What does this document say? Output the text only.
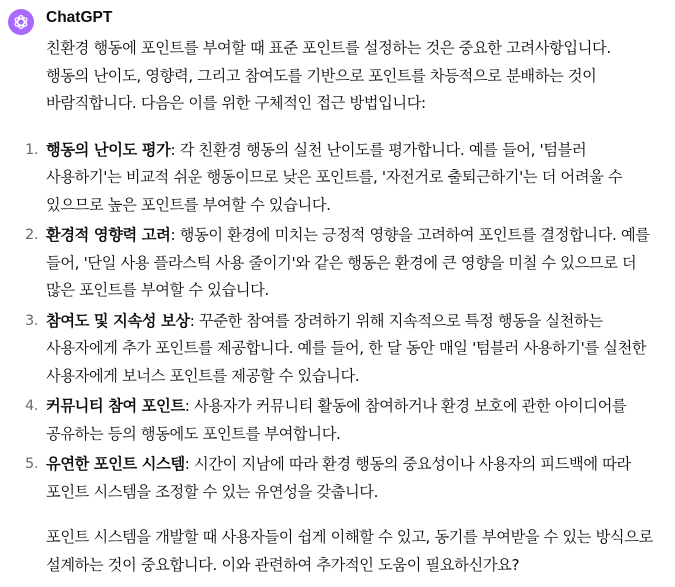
ChatGPT

친환경 행동에 포인트를 부여할 때 표준 포인트를 설정하는 것은 중요한 고려사항입니다. 행동의 난이도, 영향력, 그리고 참여도를 기반으로 포인트를 차등적으로 분배하는 것이 바람직합니다. 다음은 이를 위한 구체적인 접근 방법입니다:

1. 행동의 난이도 평가: 각 친환경 행동의 실천 난이도를 평가합니다. 예를 들어, '텀블러 사용하기'는 비교적 쉬운 행동이므로 낮은 포인트를, '자전거로 출퇴근하기'는 더 어려울 수 있으므로 높은 포인트를 부여할 수 있습니다.
2. 환경적 영향력 고려: 행동이 환경에 미치는 긍정적 영향을 고려하여 포인트를 결정합니다. 예를 들어, '단일 사용 플라스틱 사용 줄이기'와 같은 행동은 환경에 큰 영향을 미칠 수 있으므로 더 많은 포인트를 부여할 수 있습니다.
3. 참여도 및 지속성 보상: 꾸준한 참여를 장려하기 위해 지속적으로 특정 행동을 실천하는 사용자에게 추가 포인트를 제공합니다. 예를 들어, 한 달 동안 매일 '텀블러 사용하기'를 실천한 사용자에게 보너스 포인트를 제공할 수 있습니다.
4. 커뮤니티 참여 포인트: 사용자가 커뮤니티 활동에 참여하거나 환경 보호에 관한 아이디어를 공유하는 등의 행동에도 포인트를 부여합니다.
5. 유연한 포인트 시스템: 시간이 지남에 따라 환경 행동의 중요성이나 사용자의 피드백에 따라 포인트 시스템을 조정할 수 있는 유연성을 갖춥니다.

포인트 시스템을 개발할 때 사용자들이 쉽게 이해할 수 있고, 동기를 부여받을 수 있는 방식으로 설계하는 것이 중요합니다. 이와 관련하여 추가적인 도움이 필요하신가요?
